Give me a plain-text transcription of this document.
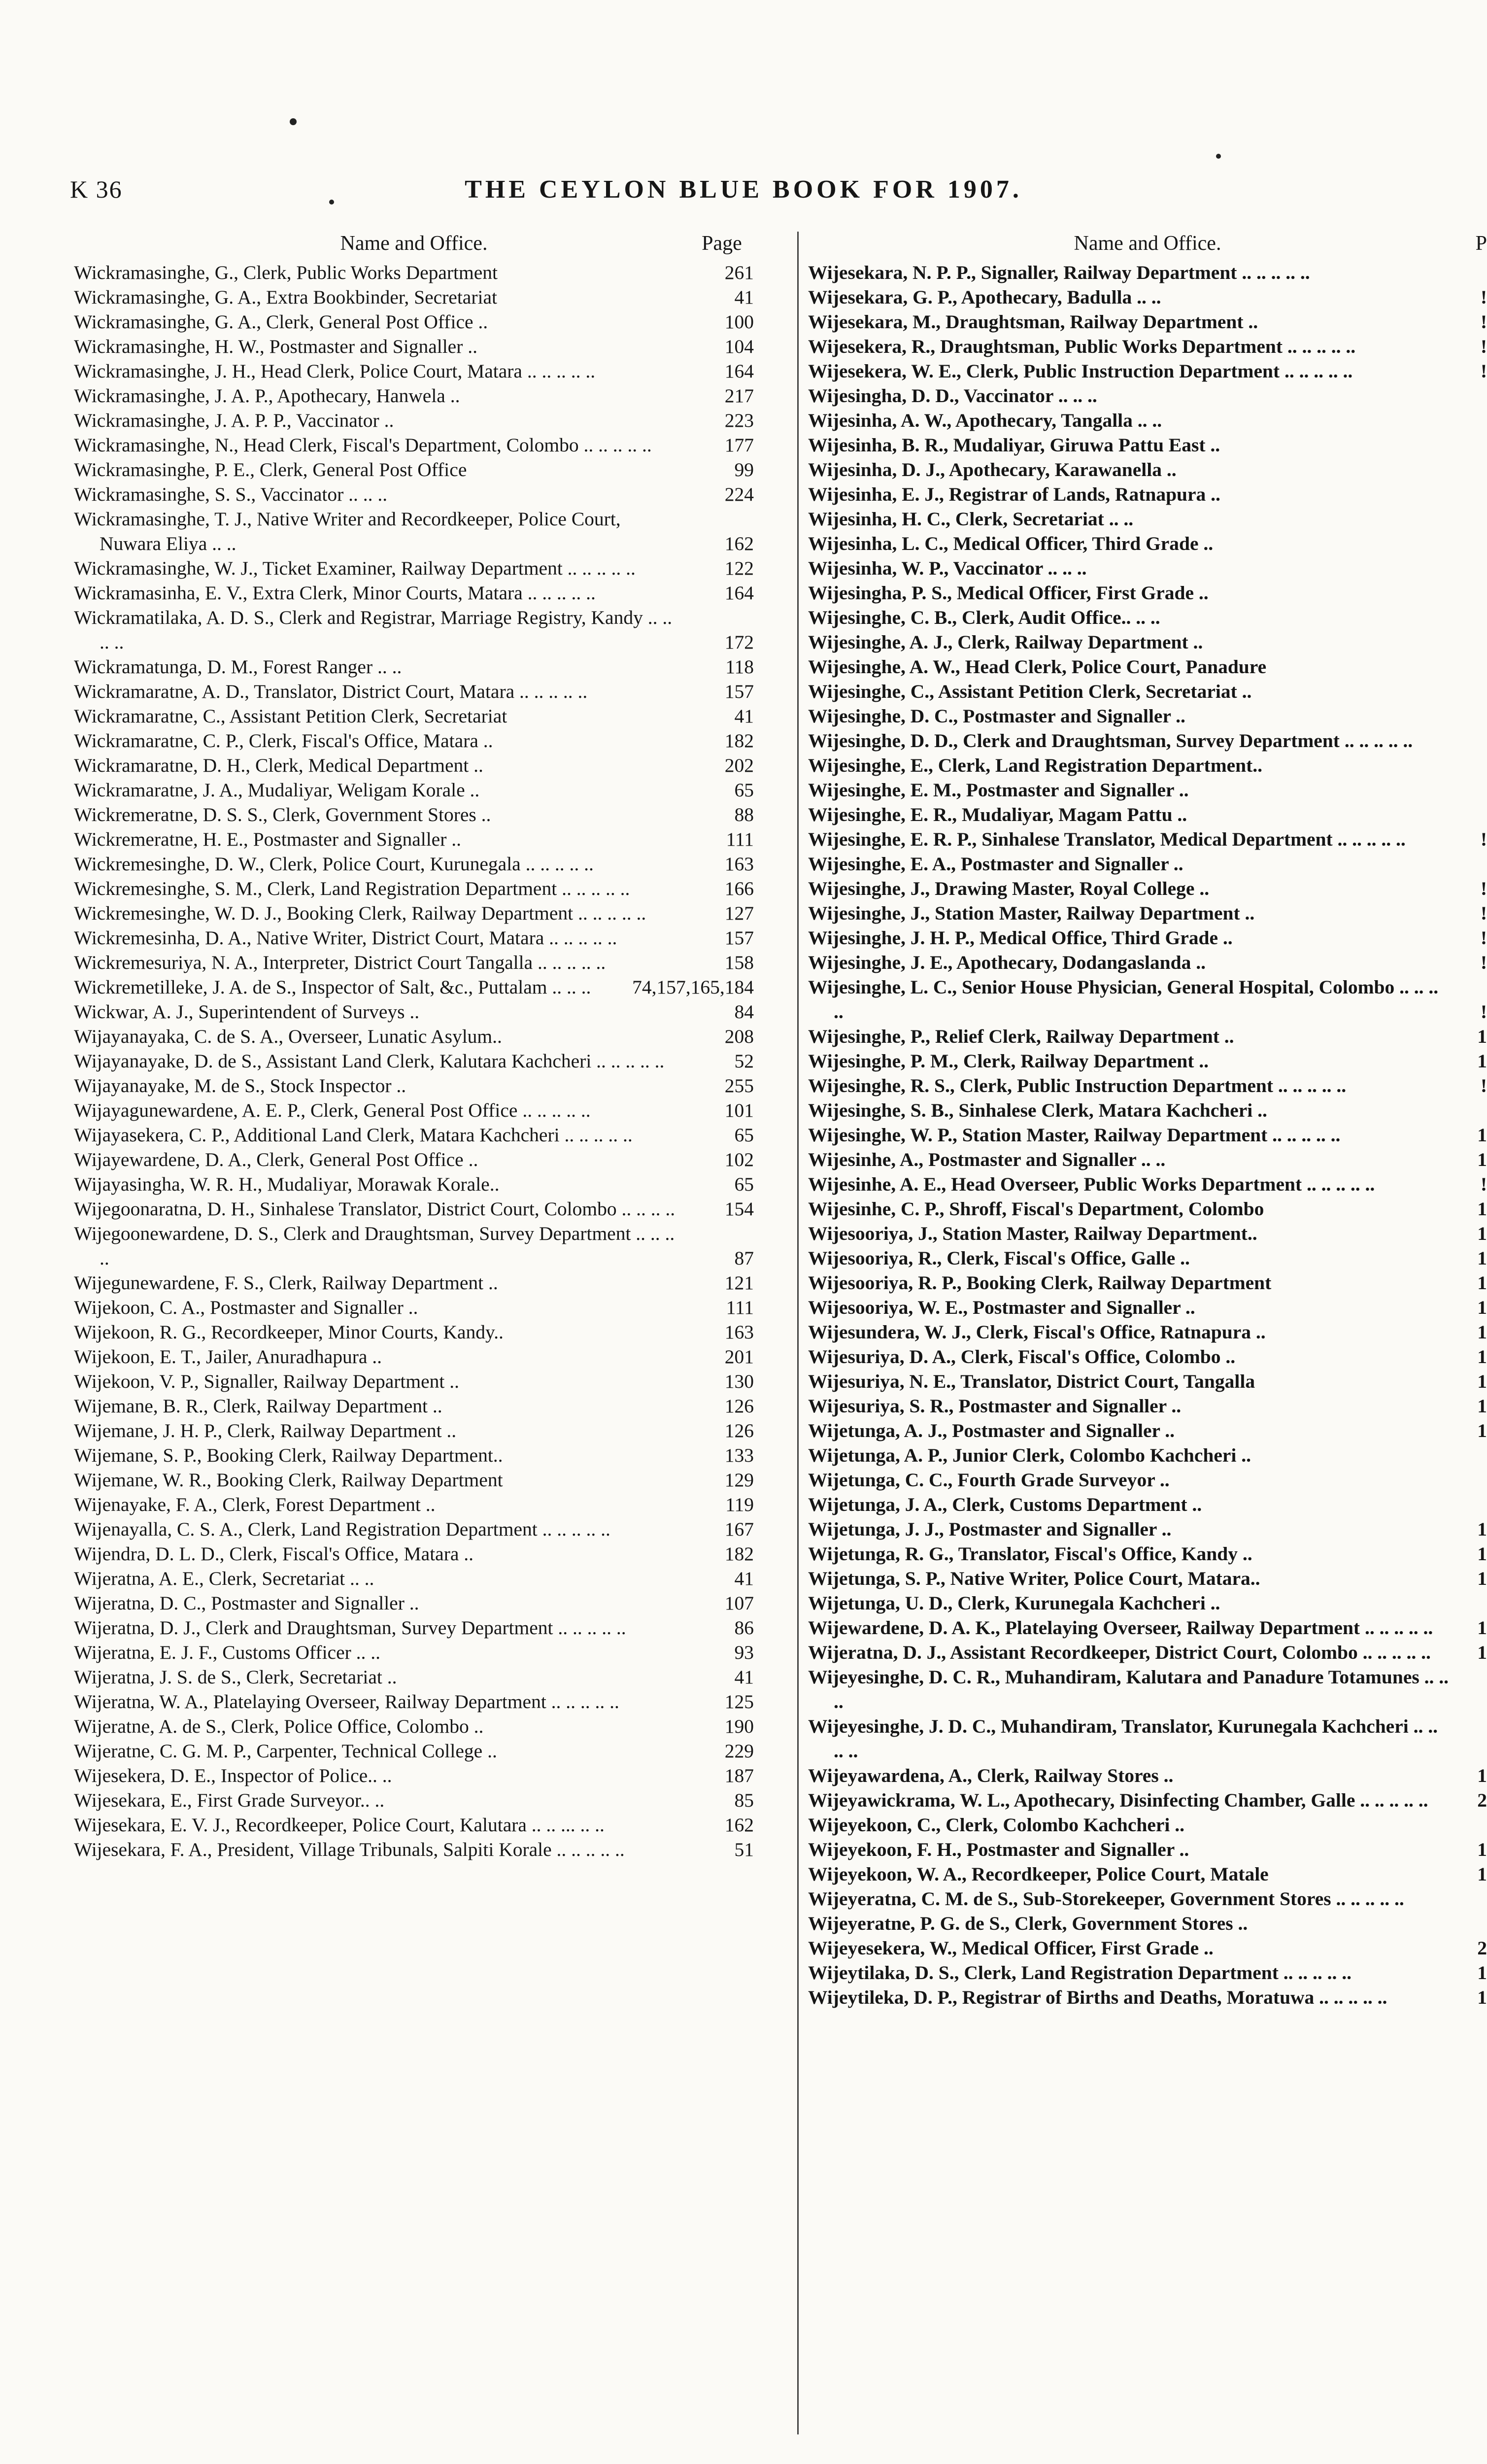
K 36	THE CEYLON BLUE BOOK FOR 1907.
Name and Office.	Page
Wickramasinghe, G., Clerk, Public Works Department	261
Wickramasinghe, G. A., Extra Bookbinder, Secretariat	41
Wickramasinghe, G. A., Clerk, General Post Office ..	100
Wickramasinghe, H. W., Postmaster and Signaller ..	104
Wickramasinghe, J. H., Head Clerk, Police Court, Matara .. .. .. .. ..	164
Wickramasinghe, J. A. P., Apothecary, Hanwela ..	217
Wickramasinghe, J. A. P. P., Vaccinator ..	223
Wickramasinghe, N., Head Clerk, Fiscal's Department, Colombo .. .. .. .. ..	177
Wickramasinghe, P. E., Clerk, General Post Office	99
Wickramasinghe, S. S., Vaccinator .. .. ..	224
Wickramasinghe, T. J., Native Writer and Recordkeeper, Police Court, Nuwara Eliya .. ..	162
Wickramasinghe, W. J., Ticket Examiner, Railway Department .. .. .. .. ..	122
Wickramasinha, E. V., Extra Clerk, Minor Courts, Matara .. .. .. .. ..	164
Wickramatilaka, A. D. S., Clerk and Registrar, Marriage Registry, Kandy .. .. .. ..	172
Wickramatunga, D. M., Forest Ranger .. ..	118
Wickramaratne, A. D., Translator, District Court, Matara .. .. .. .. ..	157
Wickramaratne, C., Assistant Petition Clerk, Secretariat	41
Wickramaratne, C. P., Clerk, Fiscal's Office, Matara ..	182
Wickramaratne, D. H., Clerk, Medical Department ..	202
Wickramaratne, J. A., Mudaliyar, Weligam Korale ..	65
Wickremeratne, D. S. S., Clerk, Government Stores ..	88
Wickremeratne, H. E., Postmaster and Signaller ..	111
Wickremesinghe, D. W., Clerk, Police Court, Kurunegala .. .. .. .. ..	163
Wickremesinghe, S. M., Clerk, Land Registration Department .. .. .. .. ..	166
Wickremesinghe, W. D. J., Booking Clerk, Railway Department .. .. .. .. ..	127
Wickremesinha, D. A., Native Writer, District Court, Matara .. .. .. .. ..	157
Wickremesuriya, N. A., Interpreter, District Court Tangalla .. .. .. .. ..	158
Wickremetilleke, J. A. de S., Inspector of Salt, &c., Puttalam .. .. .. 74,157,165,184
Wickwar, A. J., Superintendent of Surveys ..	84
Wijayanayaka, C. de S. A., Overseer, Lunatic Asylum..	208
Wijayanayake, D. de S., Assistant Land Clerk, Kalutara Kachcheri .. .. .. .. ..	52
Wijayanayake, M. de S., Stock Inspector ..	255
Wijayagunewardene, A. E. P., Clerk, General Post Office .. .. .. .. ..	101
Wijayasekera, C. P., Additional Land Clerk, Matara Kachcheri .. .. .. .. ..	65
Wijayewardene, D. A., Clerk, General Post Office ..	102
Wijayasingha, W. R. H., Mudaliyar, Morawak Korale..	65
Wijegoonaratna, D. H., Sinhalese Translator, District Court, Colombo .. .. .. ..	154
Wijegoonewardene, D. S., Clerk and Draughtsman, Survey Department .. .. .. ..	87
Wijegunewardene, F. S., Clerk, Railway Department ..	121
Wijekoon, C. A., Postmaster and Signaller ..	111
Wijekoon, R. G., Recordkeeper, Minor Courts, Kandy..	163
Wijekoon, E. T., Jailer, Anuradhapura ..	201
Wijekoon, V. P., Signaller, Railway Department ..	130
Wijemane, B. R., Clerk, Railway Department ..	126
Wijemane, J. H. P., Clerk, Railway Department ..	126
Wijemane, S. P., Booking Clerk, Railway Department..	133
Wijemane, W. R., Booking Clerk, Railway Department	129
Wijenayake, F. A., Clerk, Forest Department ..	119
Wijenayalla, C. S. A., Clerk, Land Registration Department .. .. .. .. ..	167
Wijendra, D. L. D., Clerk, Fiscal's Office, Matara ..	182
Wijeratna, A. E., Clerk, Secretariat .. ..	41
Wijeratna, D. C., Postmaster and Signaller ..	107
Wijeratna, D. J., Clerk and Draughtsman, Survey Department .. .. .. .. ..	86
Wijeratna, E. J. F., Customs Officer .. ..	93
Wijeratna, J. S. de S., Clerk, Secretariat ..	41
Wijeratna, W. A., Platelaying Overseer, Railway Department .. .. .. .. ..	125
Wijeratne, A. de S., Clerk, Police Office, Colombo ..	190
Wijeratne, C. G. M. P., Carpenter, Technical College ..	229
Wijesekera, D. E., Inspector of Police.. ..	187
Wijesekara, E., First Grade Surveyor.. ..	85
Wijesekara, E. V. J., Recordkeeper, Police Court, Kalutara .. .. ... .. ..	162
Wijesekara, F. A., President, Village Tribunals, Salpiti Korale .. .. .. .. ..	51
Name and Office.	P
Wijesekara, N. P. P., Signaller, Railway Department .. .. .. .. ..
Wijesekara, G. P., Apothecary, Badulla .. ..	!
Wijesekara, M., Draughtsman, Railway Department ..	!
Wijesekera, R., Draughtsman, Public Works Department .. .. .. .. ..	!
Wijesekera, W. E., Clerk, Public Instruction Department .. .. .. .. ..	!
Wijesingha, D. D., Vaccinator .. .. ..
Wijesinha, A. W., Apothecary, Tangalla .. ..
Wijesinha, B. R., Mudaliyar, Giruwa Pattu East ..
Wijesinha, D. J., Apothecary, Karawanella ..
Wijesinha, E. J., Registrar of Lands, Ratnapura ..
Wijesinha, H. C., Clerk, Secretariat .. ..
Wijesinha, L. C., Medical Officer, Third Grade ..
Wijesinha, W. P., Vaccinator .. .. ..
Wijesingha, P. S., Medical Officer, First Grade ..
Wijesinghe, C. B., Clerk, Audit Office.. .. ..
Wijesinghe, A. J., Clerk, Railway Department ..
Wijesinghe, A. W., Head Clerk, Police Court, Panadure
Wijesinghe, C., Assistant Petition Clerk, Secretariat ..
Wijesinghe, D. C., Postmaster and Signaller ..
Wijesinghe, D. D., Clerk and Draughtsman, Survey Department .. .. .. .. ..
Wijesinghe, E., Clerk, Land Registration Department..
Wijesinghe, E. M., Postmaster and Signaller ..
Wijesinghe, E. R., Mudaliyar, Magam Pattu ..
Wijesinghe, E. R. P., Sinhalese Translator, Medical Department .. .. .. .. ..	!
Wijesinghe, E. A., Postmaster and Signaller ..
Wijesinghe, J., Drawing Master, Royal College ..	!
Wijesinghe, J., Station Master, Railway Department ..	!
Wijesinghe, J. H. P., Medical Office, Third Grade ..	!
Wijesinghe, J. E., Apothecary, Dodangaslanda ..	!
Wijesinghe, L. C., Senior House Physician, General Hospital, Colombo .. .. .. ..	!
Wijesinghe, P., Relief Clerk, Railway Department ..	1
Wijesinghe, P. M., Clerk, Railway Department ..	1
Wijesinghe, R. S., Clerk, Public Instruction Department .. .. .. .. ..	!
Wijesinghe, S. B., Sinhalese Clerk, Matara Kachcheri ..
Wijesinghe, W. P., Station Master, Railway Department .. .. .. .. ..	1
Wijesinhe, A., Postmaster and Signaller .. ..	1
Wijesinhe, A. E., Head Overseer, Public Works Department .. .. .. .. ..	!
Wijesinhe, C. P., Shroff, Fiscal's Department, Colombo	1
Wijesooriya, J., Station Master, Railway Department..	1
Wijesooriya, R., Clerk, Fiscal's Office, Galle ..	1
Wijesooriya, R. P., Booking Clerk, Railway Department	1
Wijesooriya, W. E., Postmaster and Signaller ..	1
Wijesundera, W. J., Clerk, Fiscal's Office, Ratnapura ..	1
Wijesuriya, D. A., Clerk, Fiscal's Office, Colombo ..	1
Wijesuriya, N. E., Translator, District Court, Tangalla	1
Wijesuriya, S. R., Postmaster and Signaller ..	1
Wijetunga, A. J., Postmaster and Signaller ..	1
Wijetunga, A. P., Junior Clerk, Colombo Kachcheri ..
Wijetunga, C. C., Fourth Grade Surveyor ..
Wijetunga, J. A., Clerk, Customs Department ..
Wijetunga, J. J., Postmaster and Signaller ..	1
Wijetunga, R. G., Translator, Fiscal's Office, Kandy ..	1
Wijetunga, S. P., Native Writer, Police Court, Matara..	1
Wijetunga, U. D., Clerk, Kurunegala Kachcheri ..
Wijewardene, D. A. K., Platelaying Overseer, Railway Department .. .. .. .. ..	1
Wijeratna, D. J., Assistant Recordkeeper, District Court, Colombo .. .. .. .. ..	1
Wijeyesinghe, D. C. R., Muhandiram, Kalutara and Panadure Totamunes .. .. ..
Wijeyesinghe, J. D. C., Muhandiram, Translator, Kurunegala Kachcheri .. .. .. ..
Wijeyawardena, A., Clerk, Railway Stores ..	1
Wijeyawickrama, W. L., Apothecary, Disinfecting Chamber, Galle .. .. .. .. ..	2
Wijeyekoon, C., Clerk, Colombo Kachcheri ..
Wijeyekoon, F. H., Postmaster and Signaller ..	1
Wijeyekoon, W. A., Recordkeeper, Police Court, Matale	1
Wijeyeratna, C. M. de S., Sub-Storekeeper, Government Stores .. .. .. .. ..
Wijeyeratne, P. G. de S., Clerk, Government Stores ..
Wijeyesekera, W., Medical Officer, First Grade ..	2
Wijeytilaka, D. S., Clerk, Land Registration Department .. .. .. .. ..	1
Wijeytileka, D. P., Registrar of Births and Deaths, Moratuwa .. .. .. .. ..	1
